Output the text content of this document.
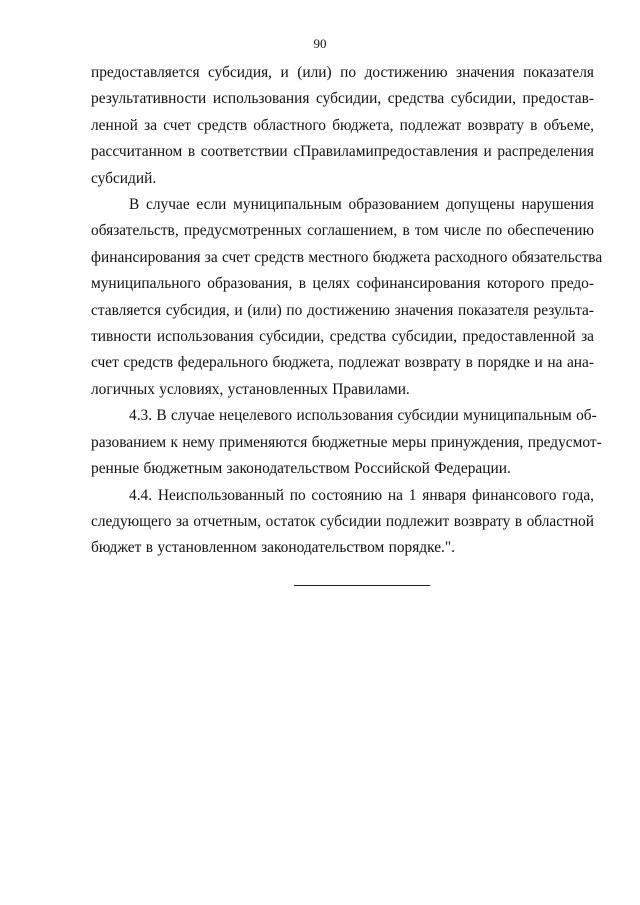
90

предоставляется субсидия, и (или) по достижению значения показателя
результативности использования субсидии, средства субсидии, предостав-
ленной за счет средств областного бюджета, подлежат возврату в объеме,
рассчитанном в соответствии сПравиламипредоставления и распределения
субсидий.

В случае если муниципальным образованием допущены нарушения
обязательств, предусмотренных соглашением, в том числе по обеспечению
финансирования за счет средств местного бюджета расходного обязательства
муниципального образования, в целях софинансирования которого предо-
ставляется субсидия, и (или) по достижению значения показателя результа-
тивности использования субсидии, средства субсидии, предоставленной за
счет средств федерального бюджета, подлежат возврату в порядке и на ана-
логичных условиях, установленных Правилами.

4.3. В случае нецелевого использования субсидии муниципальным об-
разованием к нему применяются бюджетные меры принуждения, предусмот-
ренные бюджетным законодательством Российской Федерации.

4.4. Неиспользованный по состоянию на 1 января финансового года,
следующего за отчетным, остаток субсидии подлежит возврату в областной
бюджет в установленном законодательством порядке.".
